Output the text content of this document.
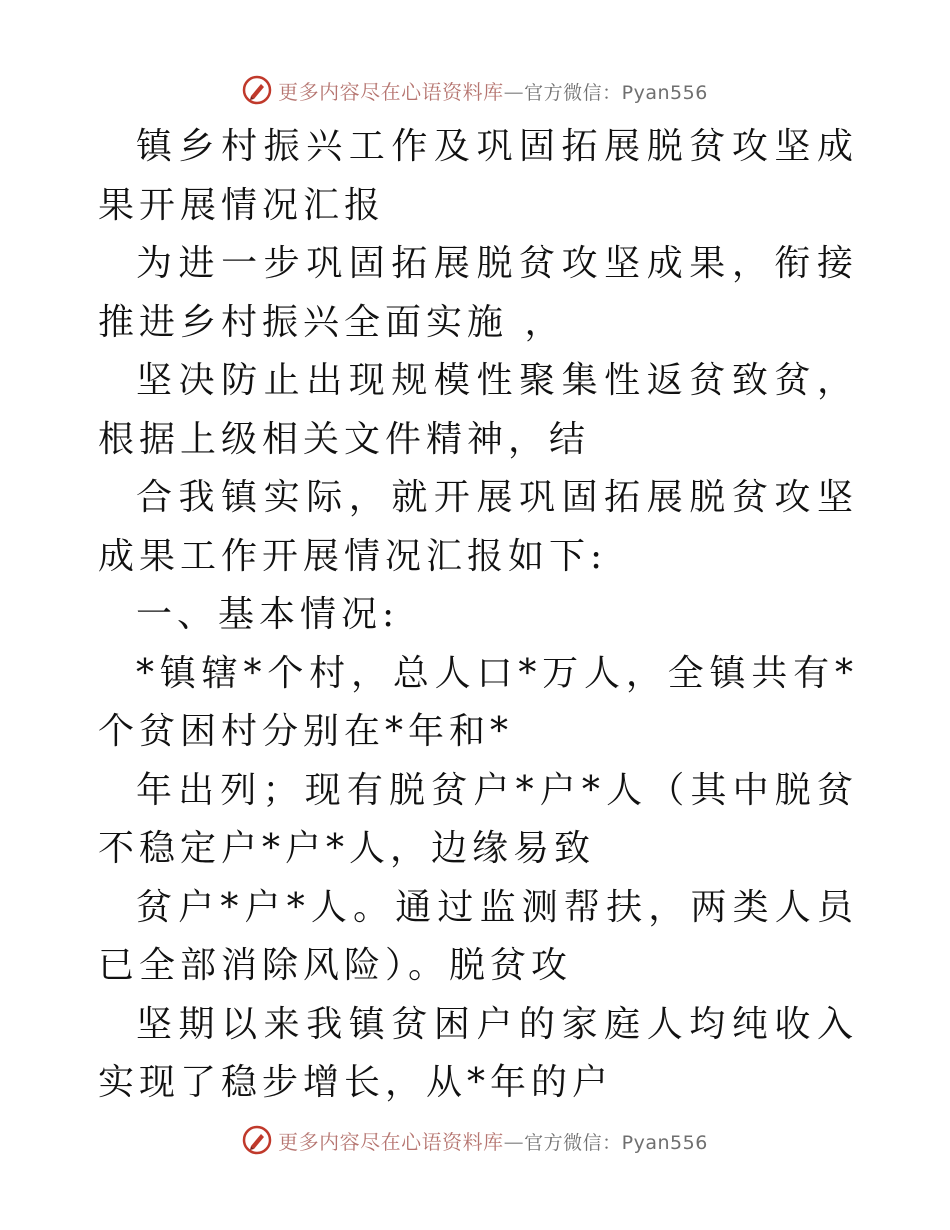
更多内容尽在心语资料库—官方微信：Pyan556

镇乡村振兴工作及巩固拓展脱贫攻坚成果开展情况汇报

为进一步巩固拓展脱贫攻坚成果，衔接推进乡村振兴全面实施 ，

坚决防止出现规模性聚集性返贫致贫，根据上级相关文件精神，结

合我镇实际，就开展巩固拓展脱贫攻坚成果工作开展情况汇报如下:

一、基本情况:

*镇辖*个村，总人口*万人，全镇共有*个贫困村分别在*年和*

年出列；现有脱贫户*户*人（其中脱贫不稳定户*户*人，边缘易致

贫户*户*人。通过监测帮扶，两类人员已全部消除风险）。脱贫攻

坚期以来我镇贫困户的家庭人均纯收入实现了稳步增长，从*年的户

更多内容尽在心语资料库—官方微信：Pyan556
